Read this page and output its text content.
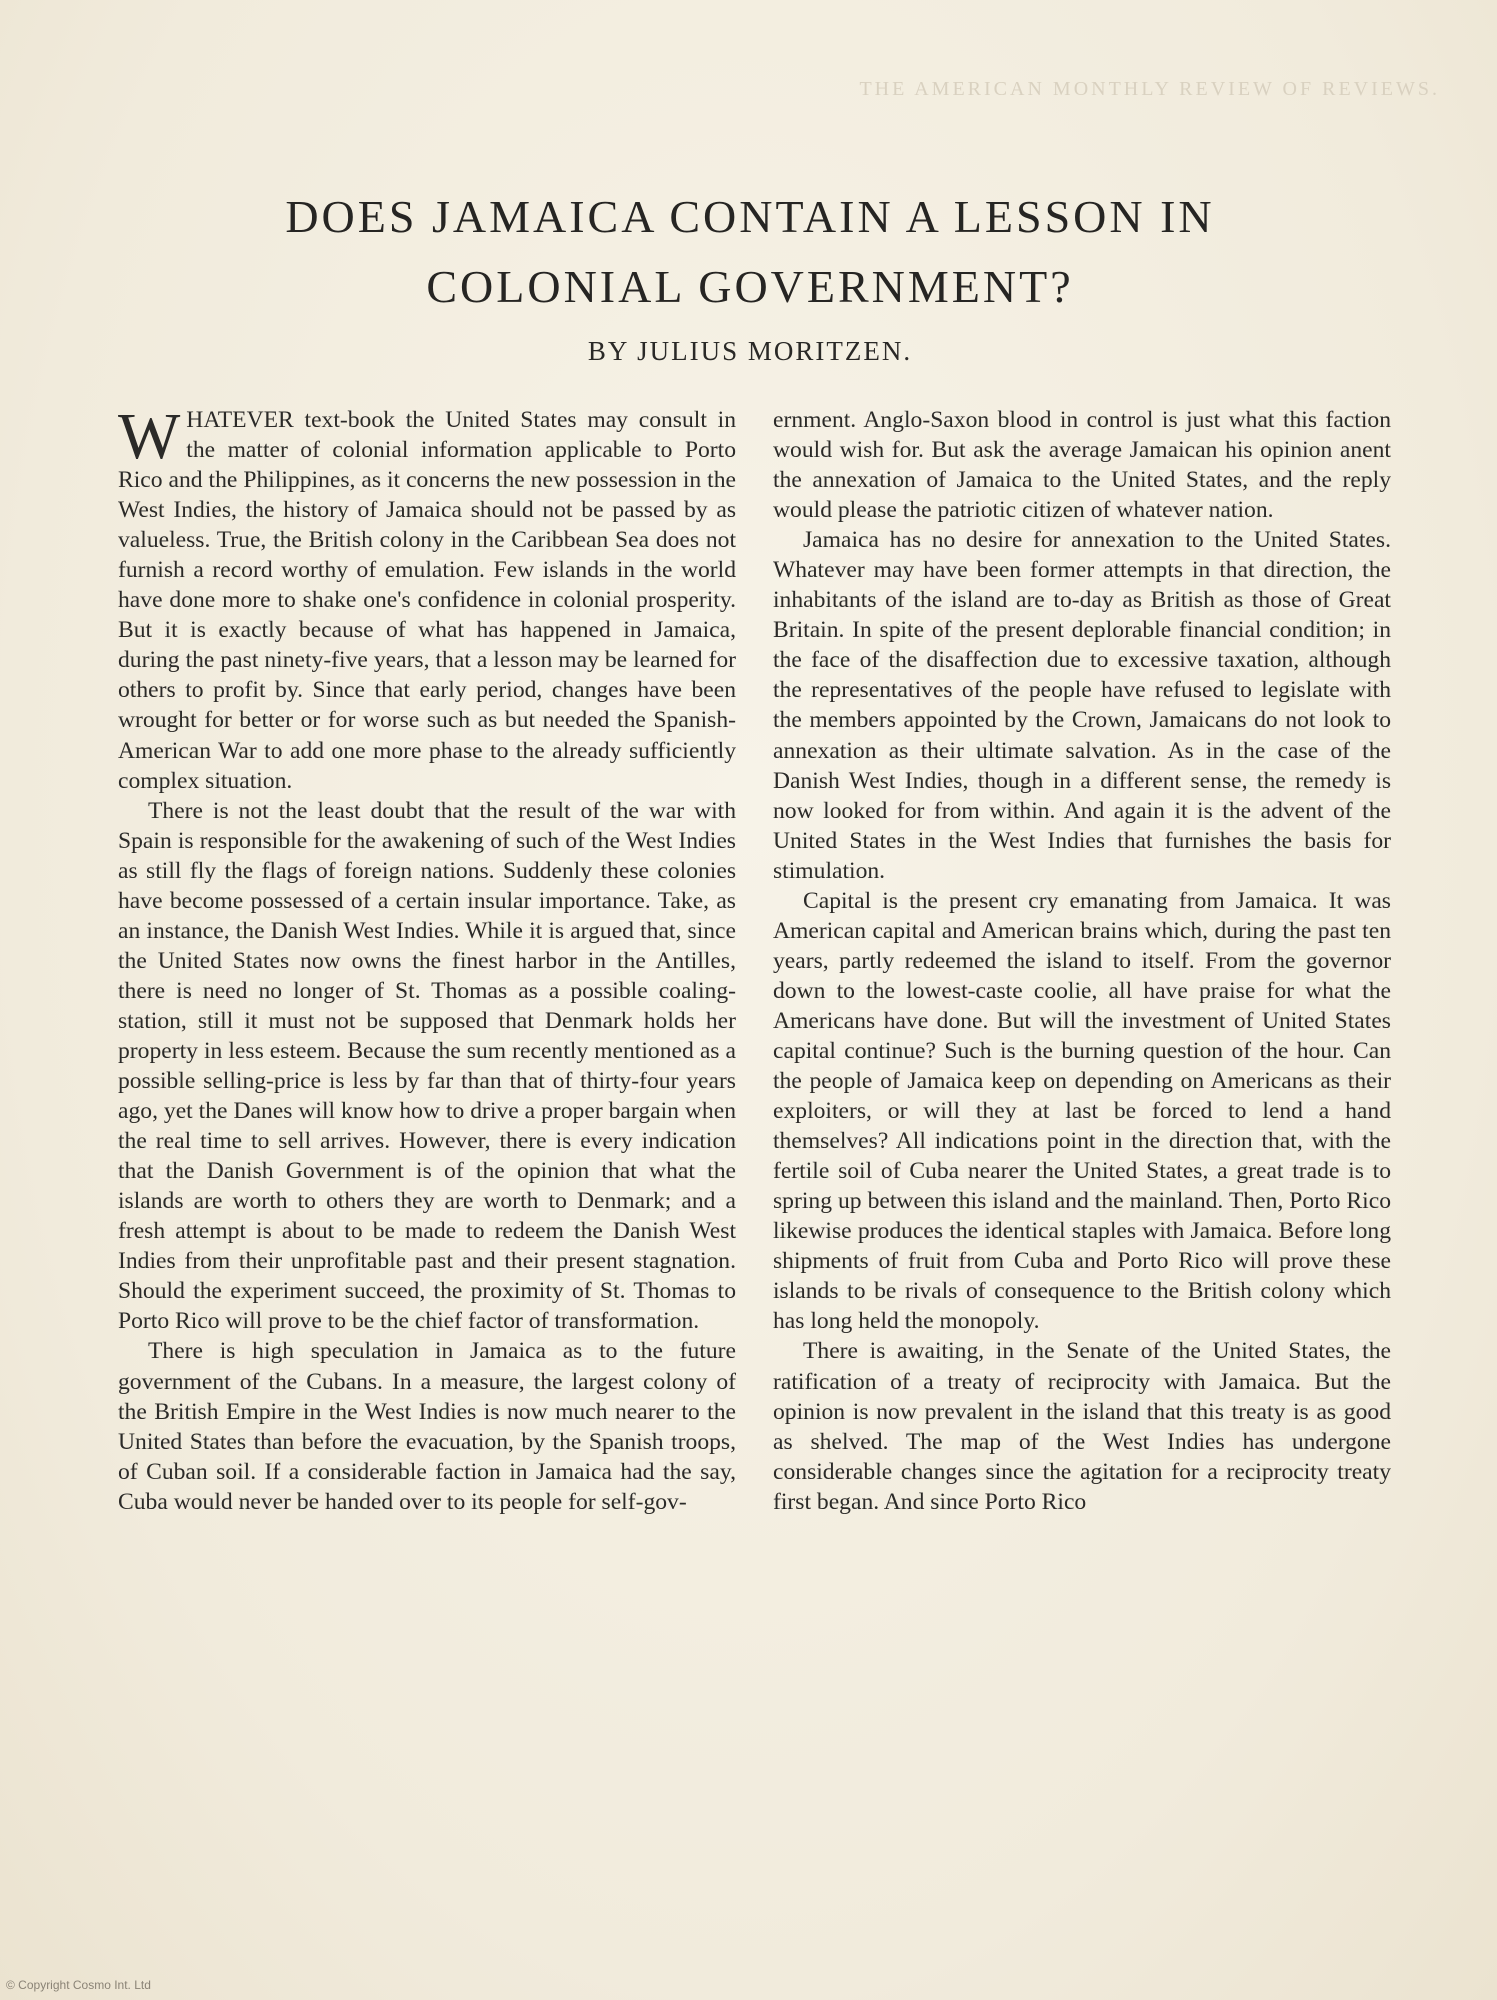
THE AMERICAN MONTHLY REVIEW OF REVIEWS.
DOES JAMAICA CONTAIN A LESSON IN
COLONIAL GOVERNMENT?
BY JULIUS MORITZEN.

WHATEVER text-book the United States may consult in the matter of colonial information applicable to Porto Rico and the Philippines, as it concerns the new possession in the West Indies, the history of Jamaica should not be passed by as valueless. True, the British colony in the Caribbean Sea does not furnish a record worthy of emulation. Few islands in the world have done more to shake one's confidence in colonial prosperity. But it is exactly because of what has happened in Jamaica, during the past ninety-five years, that a lesson may be learned for others to profit by. Since that early period, changes have been wrought for better or for worse such as but needed the Spanish-American War to add one more phase to the already sufficiently complex situation.

There is not the least doubt that the result of the war with Spain is responsible for the awakening of such of the West Indies as still fly the flags of foreign nations. Suddenly these colonies have become possessed of a certain insular importance. Take, as an instance, the Danish West Indies. While it is argued that, since the United States now owns the finest harbor in the Antilles, there is need no longer of St. Thomas as a possible coaling-station, still it must not be supposed that Denmark holds her property in less esteem. Because the sum recently mentioned as a possible selling-price is less by far than that of thirty-four years ago, yet the Danes will know how to drive a proper bargain when the real time to sell arrives. However, there is every indication that the Danish Government is of the opinion that what the islands are worth to others they are worth to Denmark; and a fresh attempt is about to be made to redeem the Danish West Indies from their unprofitable past and their present stagnation. Should the experiment succeed, the proximity of St. Thomas to Porto Rico will prove to be the chief factor of transformation.

There is high speculation in Jamaica as to the future government of the Cubans. In a measure, the largest colony of the British Empire in the West Indies is now much nearer to the United States than before the evacuation, by the Spanish troops, of Cuban soil. If a considerable faction in Jamaica had the say, Cuba would never be handed over to its people for self-gov-

ernment. Anglo-Saxon blood in control is just what this faction would wish for. But ask the average Jamaican his opinion anent the annexation of Jamaica to the United States, and the reply would please the patriotic citizen of whatever nation.

Jamaica has no desire for annexation to the United States. Whatever may have been former attempts in that direction, the inhabitants of the island are to-day as British as those of Great Britain. In spite of the present deplorable financial condition; in the face of the disaffection due to excessive taxation, although the representatives of the people have refused to legislate with the members appointed by the Crown, Jamaicans do not look to annexation as their ultimate salvation. As in the case of the Danish West Indies, though in a different sense, the remedy is now looked for from within. And again it is the advent of the United States in the West Indies that furnishes the basis for stimulation.

Capital is the present cry emanating from Jamaica. It was American capital and American brains which, during the past ten years, partly redeemed the island to itself. From the governor down to the lowest-caste coolie, all have praise for what the Americans have done. But will the investment of United States capital continue? Such is the burning question of the hour. Can the people of Jamaica keep on depending on Americans as their exploiters, or will they at last be forced to lend a hand themselves? All indications point in the direction that, with the fertile soil of Cuba nearer the United States, a great trade is to spring up between this island and the mainland. Then, Porto Rico likewise produces the identical staples with Jamaica. Before long shipments of fruit from Cuba and Porto Rico will prove these islands to be rivals of consequence to the British colony which has long held the monopoly.

There is awaiting, in the Senate of the United States, the ratification of a treaty of reciprocity with Jamaica. But the opinion is now prevalent in the island that this treaty is as good as shelved. The map of the West Indies has undergone considerable changes since the agitation for a reciprocity treaty first began. And since Porto Rico

© Copyright Cosmo Int. Ltd
